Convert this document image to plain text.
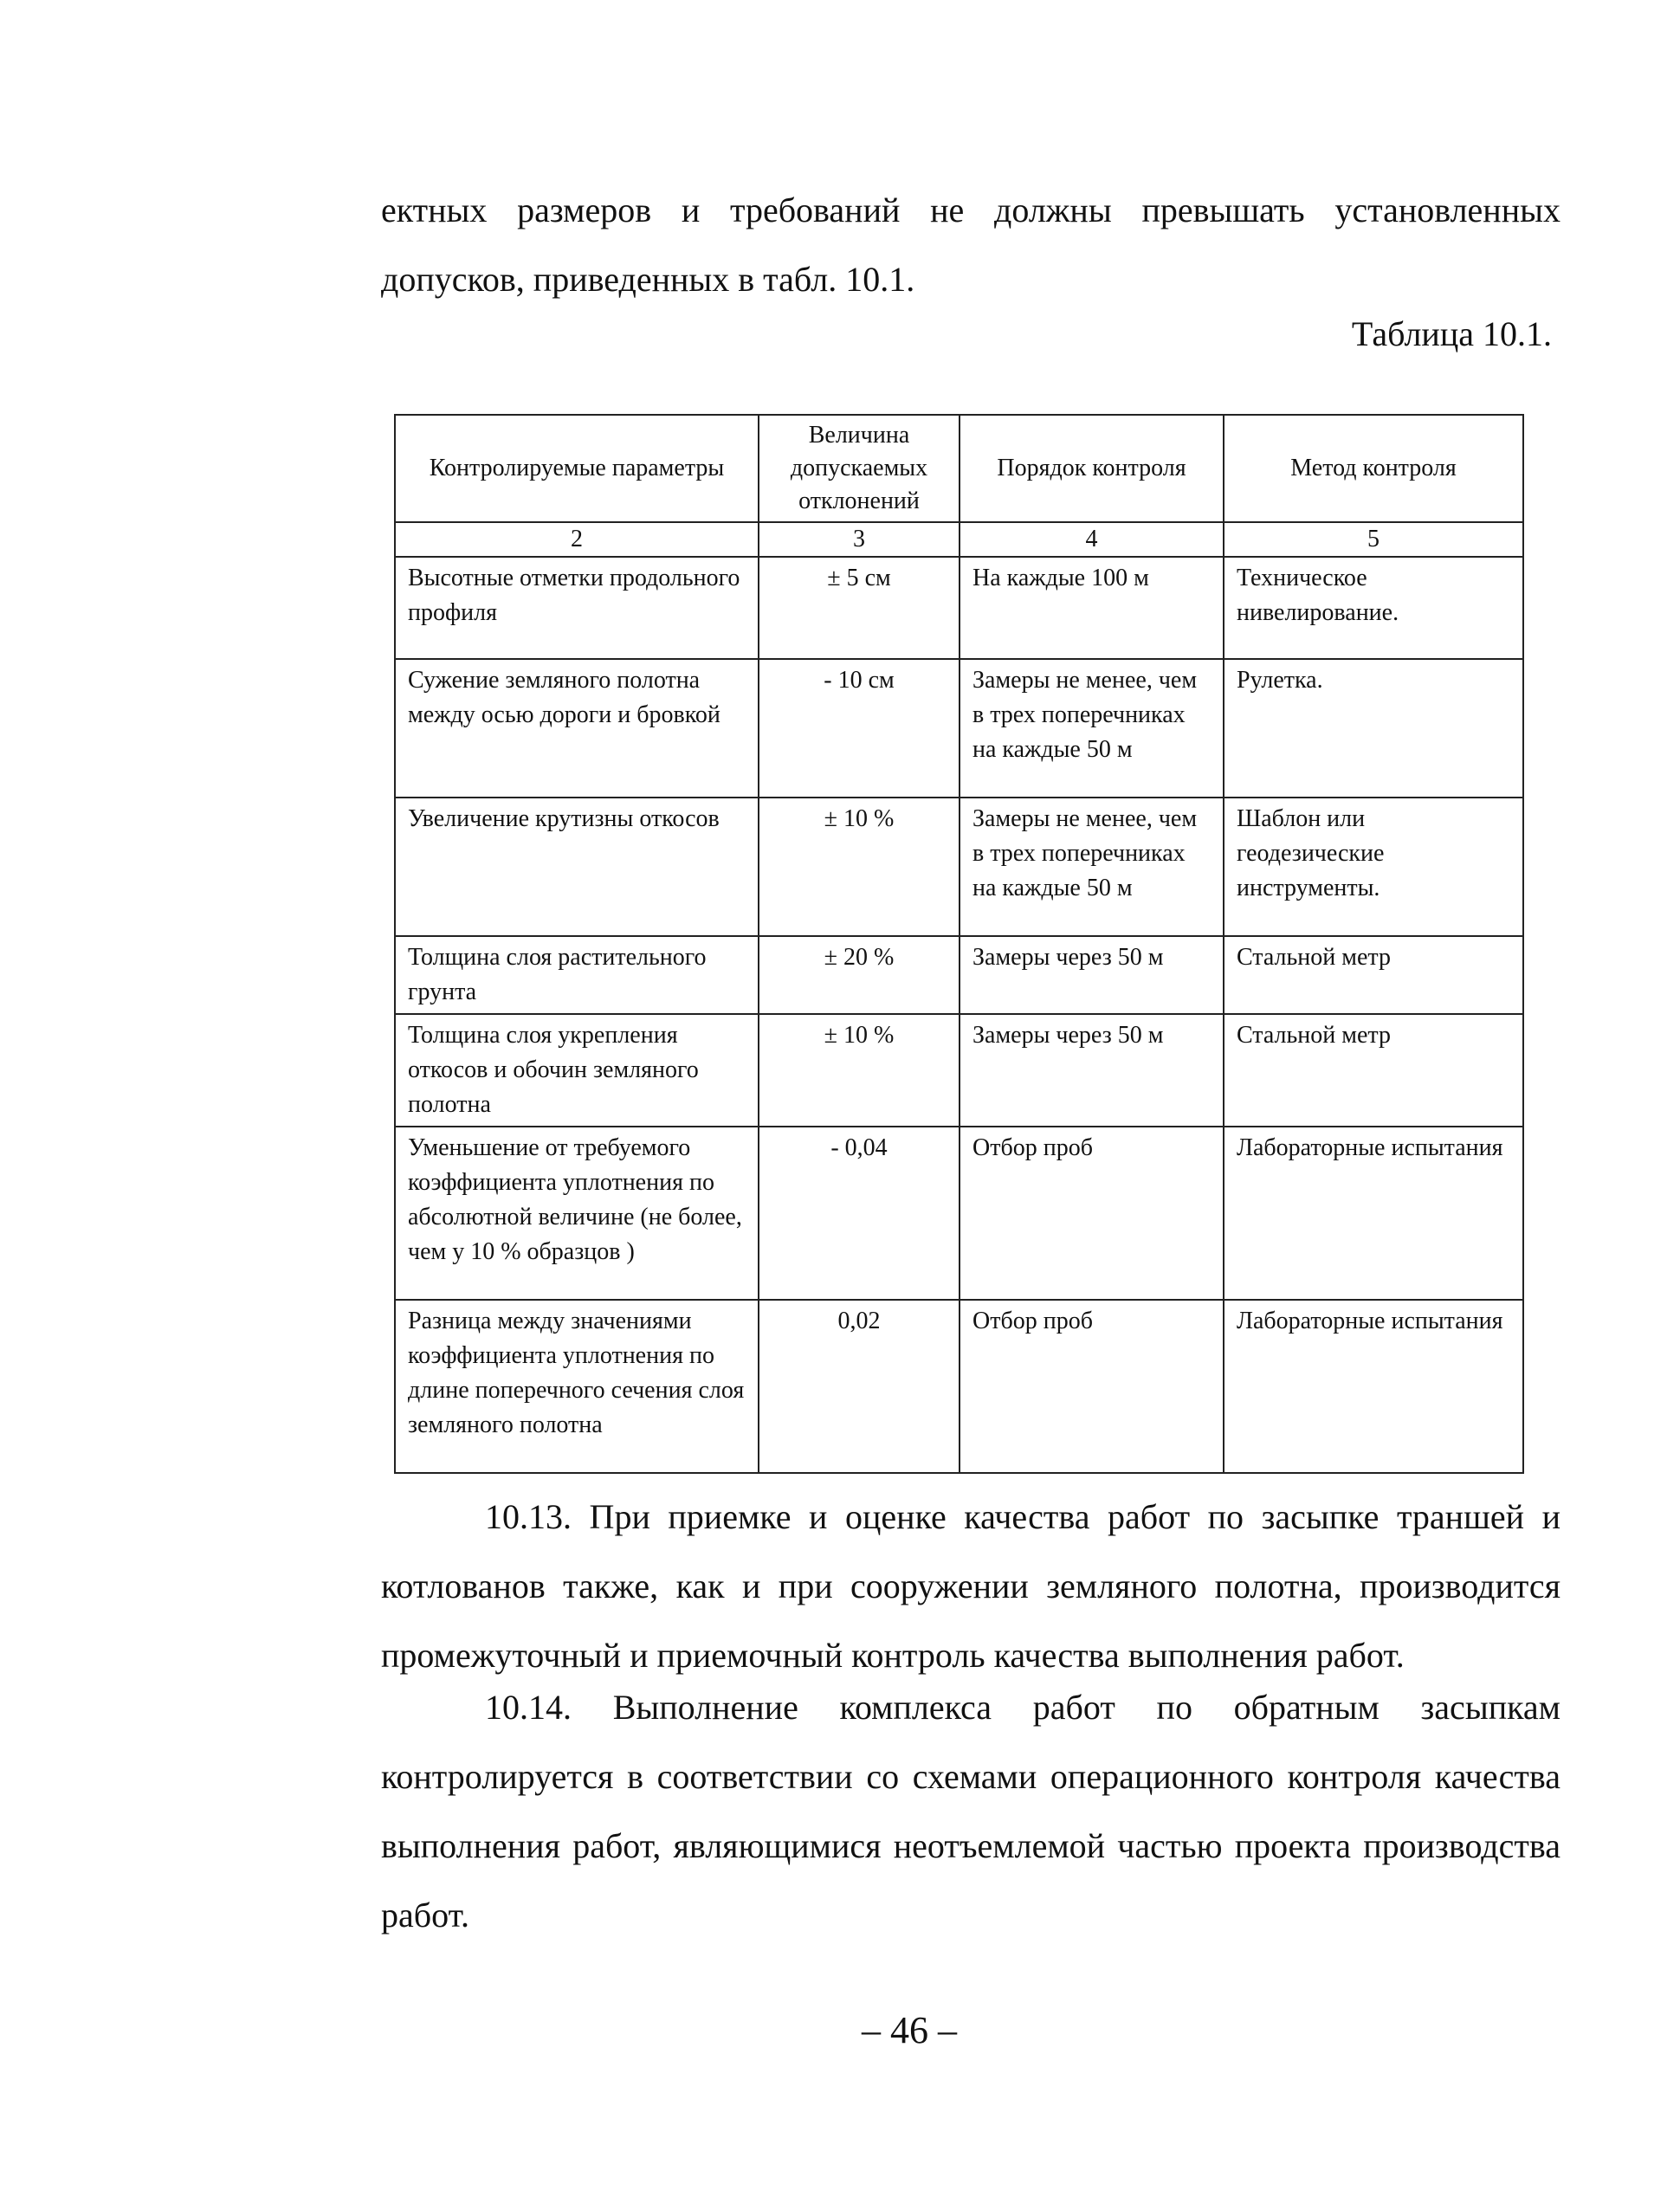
ектных размеров и требований не должны превышать установленных допусков, приведенных в табл. 10.1.

Таблица 10.1.
Контролируемые параметры	Величина допускаемых отклонений	Порядок контроля	Метод контроля
2	3	4	5
Высотные отметки продольного профиля	± 5 см	На каждые 100 м	Техническое нивелирование.
Сужение земляного полотна между осью дороги и бровкой	- 10 см	Замеры не менее, чем в трех поперечниках на каждые 50 м	Рулетка.
Увеличение крутизны откосов	± 10 %	Замеры не менее, чем в трех поперечниках на каждые 50 м	Шаблон или геодезические инструменты.
Толщина слоя растительного грунта	± 20 %	Замеры через 50 м	Стальной метр
Толщина слоя укрепления откосов и обочин земляного полотна	± 10 %	Замеры через 50 м	Стальной метр
Уменьшение от требуемого коэффициента уплотнения по абсолютной величине (не более, чем у 10 % образцов )	- 0,04	Отбор проб	Лабораторные испытания
Разница между значениями коэффициента уплотнения по длине поперечного сечения слоя земляного полотна	0,02	Отбор проб	Лабораторные испытания

10.13. При приемке и оценке качества работ по засыпке траншей и котлованов также, как и при сооружении земляного полотна, производится промежуточный и приемочный контроль качества выполнения работ.

10.14. Выполнение комплекса работ по обратным засыпкам контролируется в соответствии со схемами операционного контроля качества выполнения работ, являющимися неотъемлемой частью проекта производства работ.

– 46 –
